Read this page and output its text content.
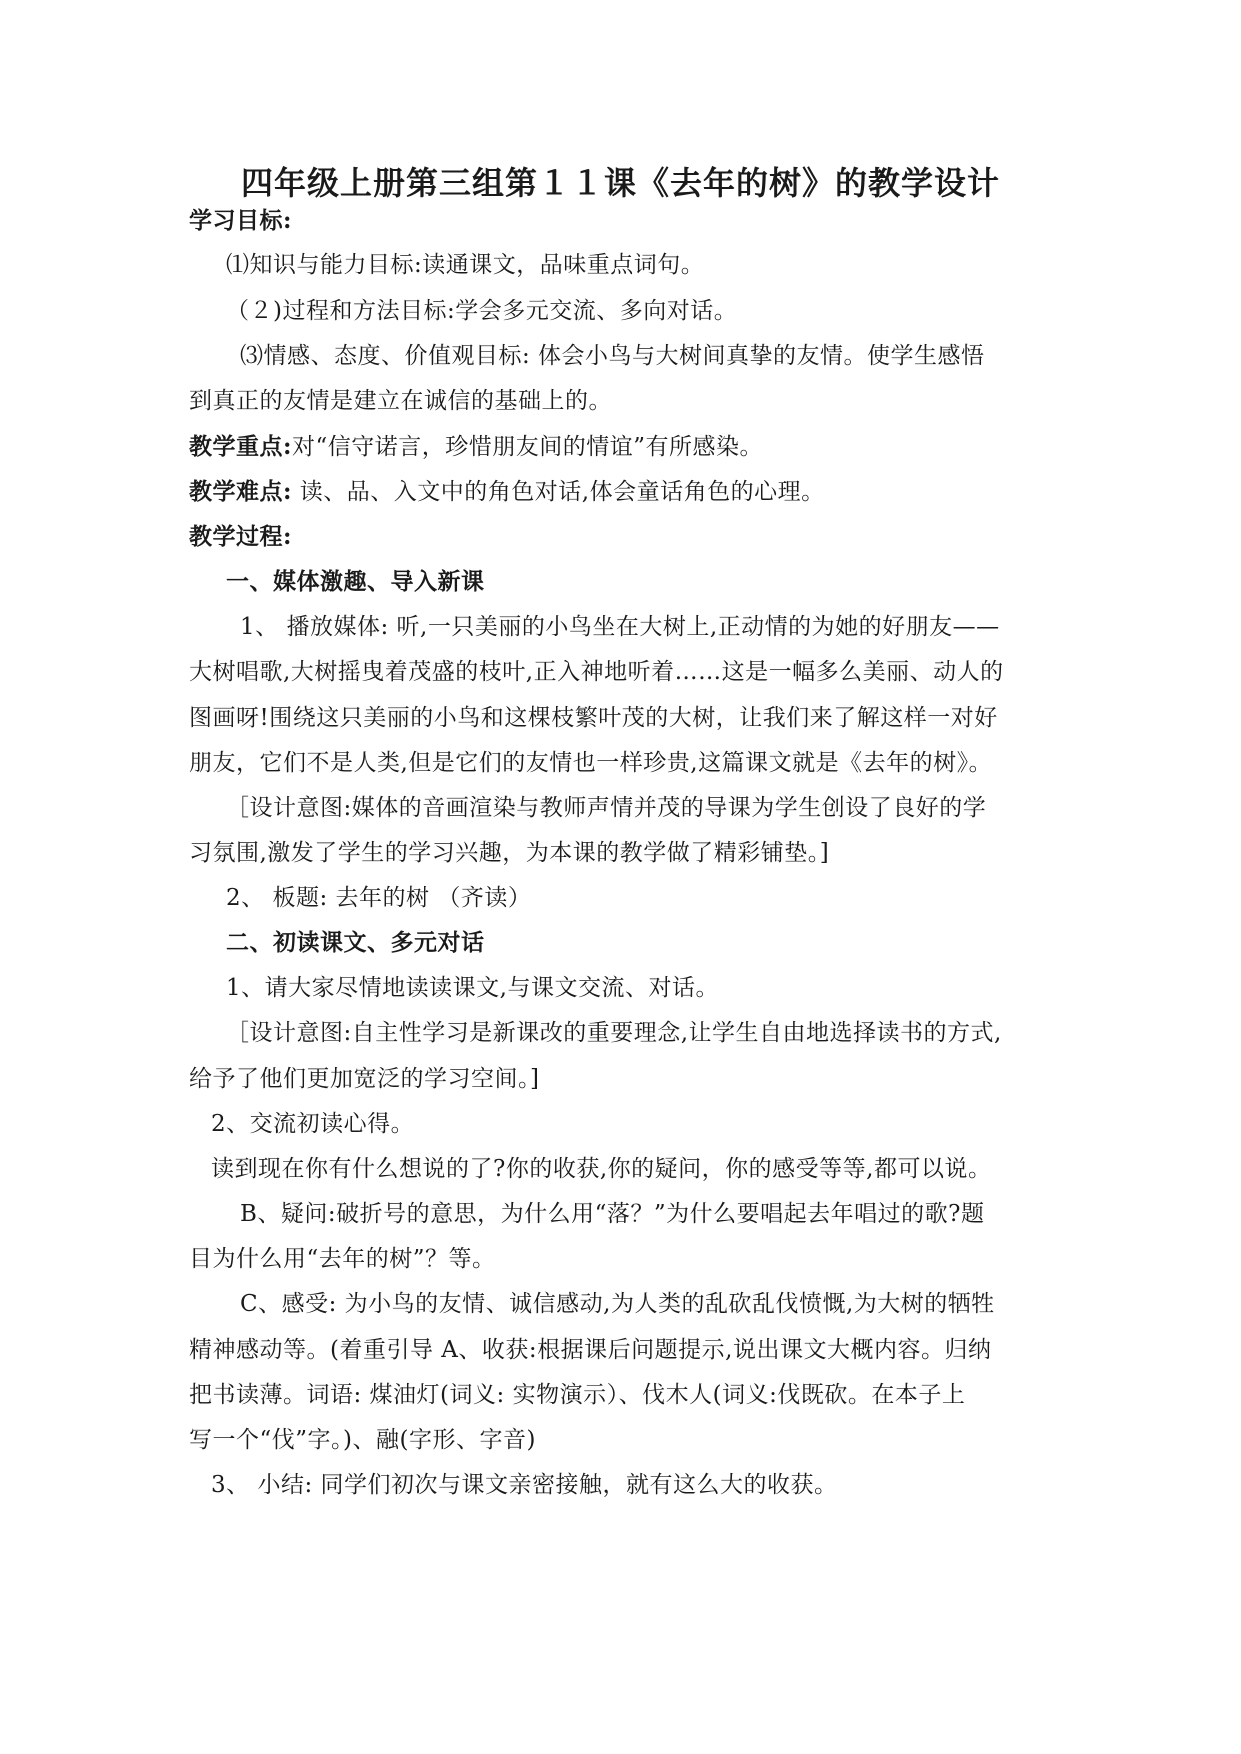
四年级上册第三组第１１课《去年的树》的教学设计
学习目标:
⑴知识与能力目标:读通课文，品味重点词句。
（２)过程和方法目标:学会多元交流、多向对话。
⑶情感、态度、价值观目标: 体会小鸟与大树间真挚的友情。使学生感悟
到真正的友情是建立在诚信的基础上的。
教学重点:对“信守诺言，珍惜朋友间的情谊”有所感染。
教学难点: 读、品、入文中的角色对话,体会童话角色的心理。
教学过程:
一、媒体激趣、导入新课
1、 播放媒体: 听,一只美丽的小鸟坐在大树上,正动情的为她的好朋友——
大树唱歌,大树摇曳着茂盛的枝叶,正入神地听着……这是一幅多么美丽、动人的
图画呀!围绕这只美丽的小鸟和这棵枝繁叶茂的大树，让我们来了解这样一对好
朋友，它们不是人类,但是它们的友情也一样珍贵,这篇课文就是《去年的树》。
［设计意图:媒体的音画渲染与教师声情并茂的导课为学生创设了良好的学
习氛围,激发了学生的学习兴趣，为本课的教学做了精彩铺垫。]
2、 板题: 去年的树 （齐读）
二、初读课文、多元对话
1、请大家尽情地读读课文,与课文交流、对话。
［设计意图:自主性学习是新课改的重要理念,让学生自由地选择读书的方式,
给予了他们更加宽泛的学习空间。]
2、交流初读心得。
读到现在你有什么想说的了?你的收获,你的疑问，你的感受等等,都可以说。
B、疑问:破折号的意思，为什么用“落？”为什么要唱起去年唱过的歌?题
目为什么用“去年的树”？等。
C、感受: 为小鸟的友情、诚信感动,为人类的乱砍乱伐愤慨,为大树的牺牲
精神感动等。(着重引导 A、收获:根据课后问题提示,说出课文大概内容。归纳
把书读薄。词语: 煤油灯(词义: 实物演示）、伐木人(词义:伐既砍。在本子上
写一个“伐”字。)、融(字形、字音)
3、 小结: 同学们初次与课文亲密接触，就有这么大的收获。
